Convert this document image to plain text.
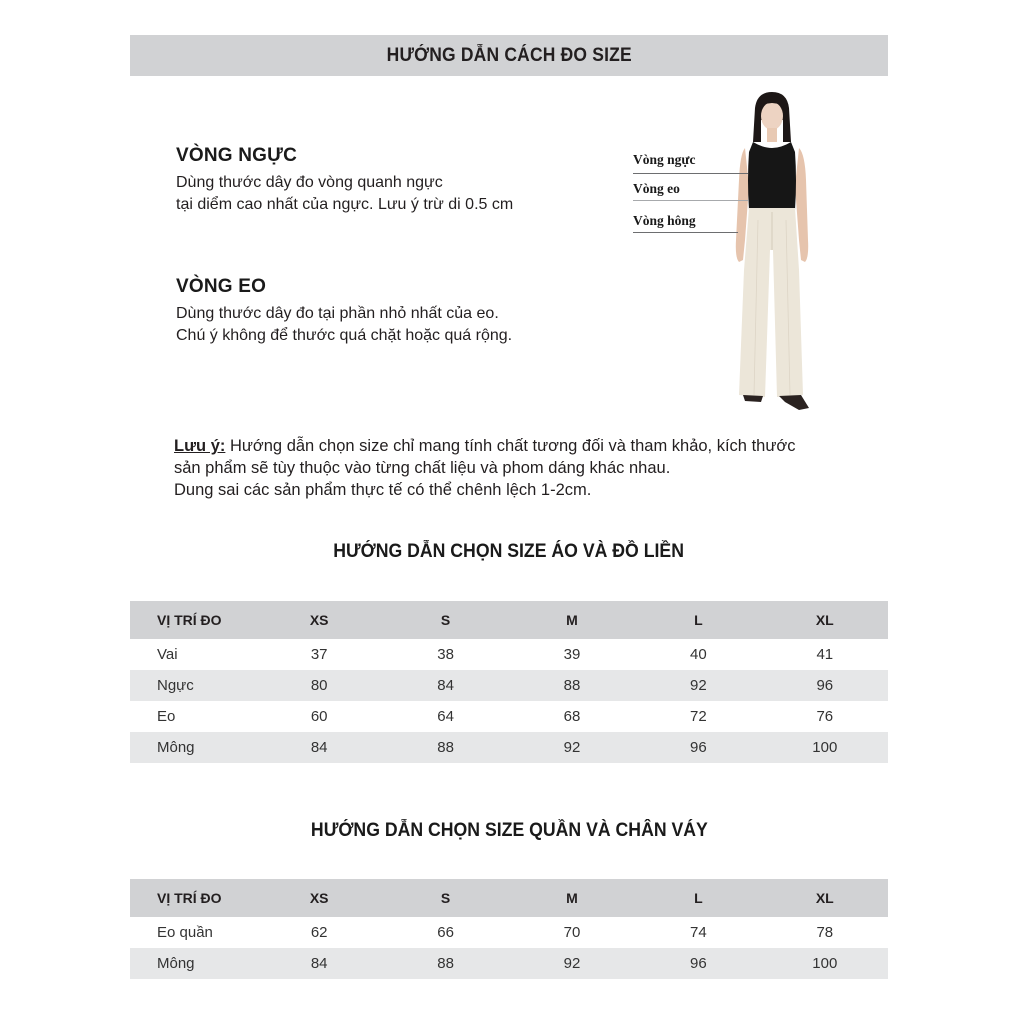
HƯỚNG DẪN CÁCH ĐO SIZE
VÒNG NGỰC

Dùng thước dây đo vòng quanh ngực

tại diểm cao nhất của ngực. Lưu ý trừ di 0.5 cm

VÒNG EO

Dùng thước dây đo tại phần nhỏ nhất của eo.

Chú ý không để thước quá chặt hoặc quá rộng.

Vòng ngực
Vòng eo
Vòng hông
Lưu ý: Hướng dẫn chọn size chỉ mang tính chất tương đối và tham khảo, kích thước
sản phẩm sẽ tùy thuộc vào từng chất liệu và phom dáng khác nhau.
Dung sai các sản phẩm thực tế có thể chênh lệch 1-2cm.
HƯỚNG DẪN CHỌN SIZE ÁO VÀ ĐỒ LIỀN
VỊ TRÍ ĐO	XS	S	M	L	XL
Vai	37	38	39	40	41
Ngực	80	84	88	92	96
Eo	60	64	68	72	76
Mông	84	88	92	96	100
HƯỚNG DẪN CHỌN SIZE QUẦN VÀ CHÂN VÁY
VỊ TRÍ ĐO	XS	S	M	L	XL
Eo quần	62	66	70	74	78
Mông	84	88	92	96	100
